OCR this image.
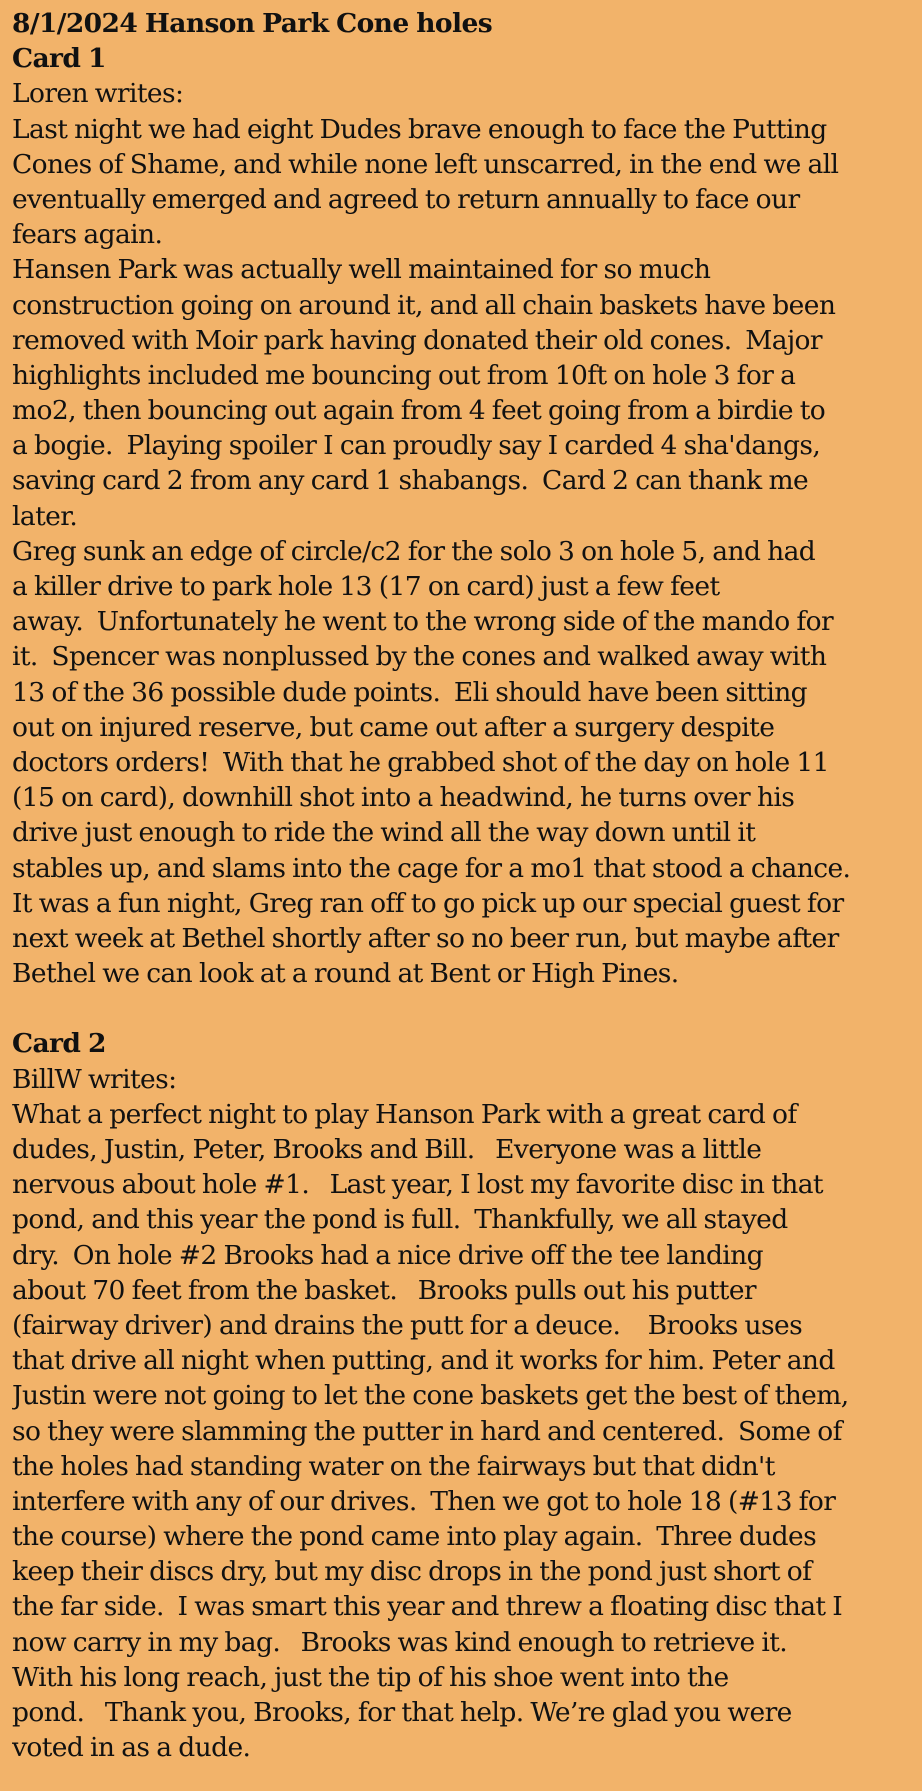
8/1/2024 Hanson Park Cone holes
Card 1
Loren writes:
Last night we had eight Dudes brave enough to face the Putting
Cones of Shame, and while none left unscarred, in the end we all
eventually emerged and agreed to return annually to face our
fears again.
Hansen Park was actually well maintained for so much
construction going on around it, and all chain baskets have been
removed with Moir park having donated their old cones.  Major
highlights included me bouncing out from 10ft on hole 3 for a
mo2, then bouncing out again from 4 feet going from a birdie to
a bogie.  Playing spoiler I can proudly say I carded 4 sha'dangs,
saving card 2 from any card 1 shabangs.  Card 2 can thank me
later.
Greg sunk an edge of circle/c2 for the solo 3 on hole 5, and had
a killer drive to park hole 13 (17 on card) just a few feet
away.  Unfortunately he went to the wrong side of the mando for
it.  Spencer was nonplussed by the cones and walked away with
13 of the 36 possible dude points.  Eli should have been sitting
out on injured reserve, but came out after a surgery despite
doctors orders!  With that he grabbed shot of the day on hole 11
(15 on card), downhill shot into a headwind, he turns over his
drive just enough to ride the wind all the way down until it
stables up, and slams into the cage for a mo1 that stood a chance.
It was a fun night, Greg ran off to go pick up our special guest for
next week at Bethel shortly after so no beer run, but maybe after
Bethel we can look at a round at Bent or High Pines.
Card 2
BillW writes:
What a perfect night to play Hanson Park with a great card of
dudes, Justin, Peter, Brooks and Bill.   Everyone was a little
nervous about hole #1.   Last year, I lost my favorite disc in that
pond, and this year the pond is full.  Thankfully, we all stayed
dry.  On hole #2 Brooks had a nice drive off the tee landing
about 70 feet from the basket.   Brooks pulls out his putter
(fairway driver) and drains the putt for a deuce.    Brooks uses
that drive all night when putting, and it works for him. Peter and
Justin were not going to let the cone baskets get the best of them,
so they were slamming the putter in hard and centered.  Some of
the holes had standing water on the fairways but that didn't
interfere with any of our drives.  Then we got to hole 18 (#13 for
the course) where the pond came into play again.  Three dudes
keep their discs dry, but my disc drops in the pond just short of
the far side.  I was smart this year and threw a floating disc that I
now carry in my bag.   Brooks was kind enough to retrieve it.
With his long reach, just the tip of his shoe went into the
pond.   Thank you, Brooks, for that help. We’re glad you were
voted in as a dude.
